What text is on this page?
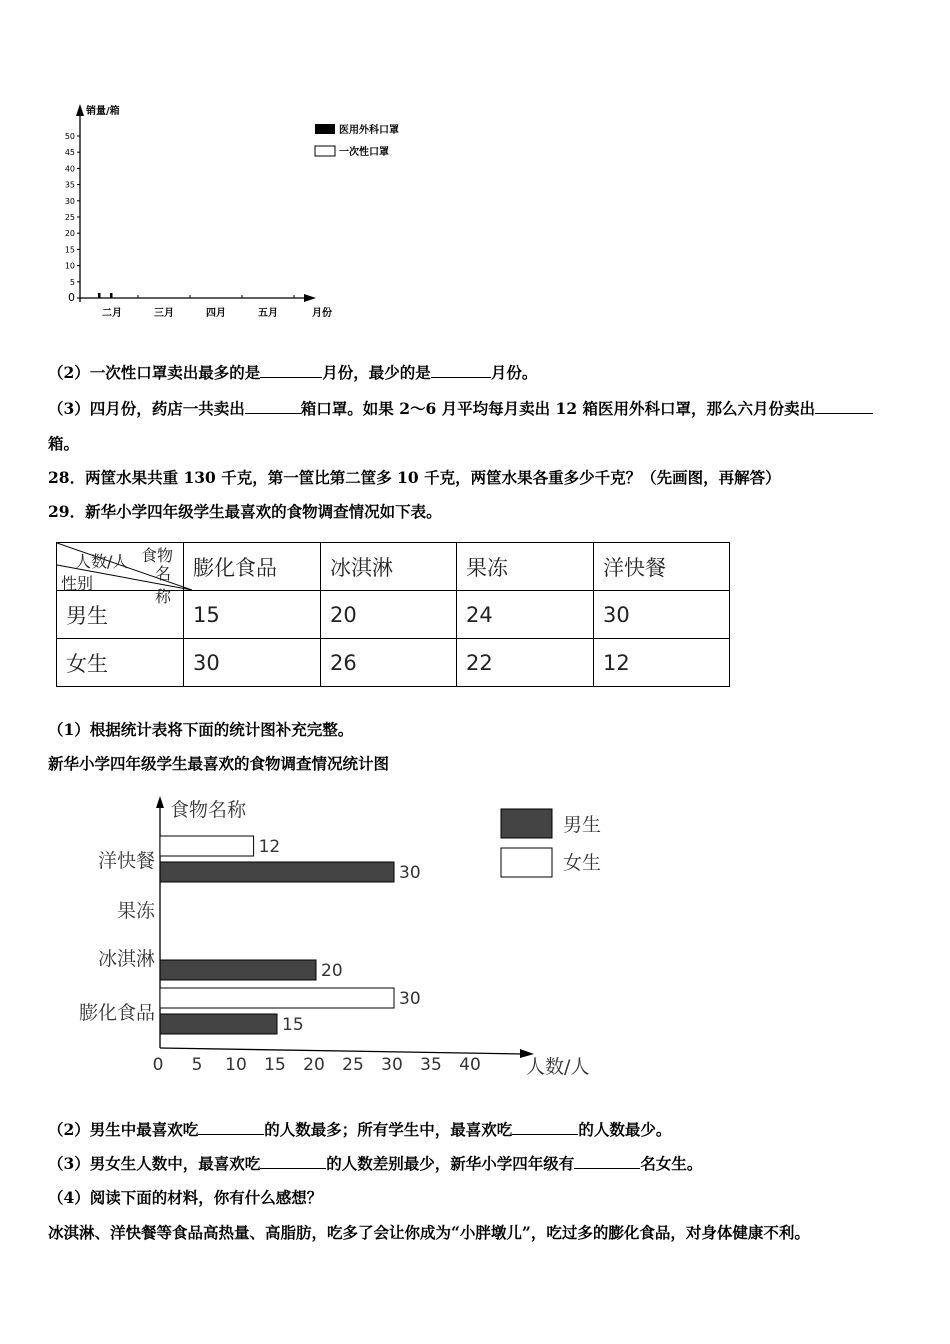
销量/箱
月份
0
5
10
15
20
25
30
35
40
45
50
二月	三月	四月	五月
医用外科口罩
一次性口罩
（2）一次性口罩卖出最多的是	月份，最少的是	月份。
（3）四月份，药店一共卖出	箱口罩。如果 2～6 月平均每月卖出 12 箱医用外科口罩，那么六月份卖出
箱。
28．两筐水果共重 130 千克，第一筐比第二筐多 10 千克，两筐水果各重多少千克？（先画图，再解答）
29．新华小学四年级学生最喜欢的食物调查情况如下表。
食物
人数/人
名称
性别	膨化食品	冰淇淋	果冻	洋快餐
男生	15	20	24	30
女生	30	26	22	12
（1）根据统计表将下面的统计图补充完整。
新华小学四年级学生最喜欢的食物调查情况统计图
食物名称
人数/人
膨化食品
冰淇淋
果冻
洋快餐
0 5 10 15 20 25 30 35 40
15
30
20
30
12
男生
女生
（2）男生中最喜欢吃	的人数最多；所有学生中，最喜欢吃	的人数最少。
（3）男女生人数中，最喜欢吃	的人数差别最少，新华小学四年级有	名女生。
（4）阅读下面的材料，你有什么感想？
冰淇淋、洋快餐等食品高热量、高脂肪，吃多了会让你成为“小胖墩儿”，吃过多的膨化食品，对身体健康不利。
